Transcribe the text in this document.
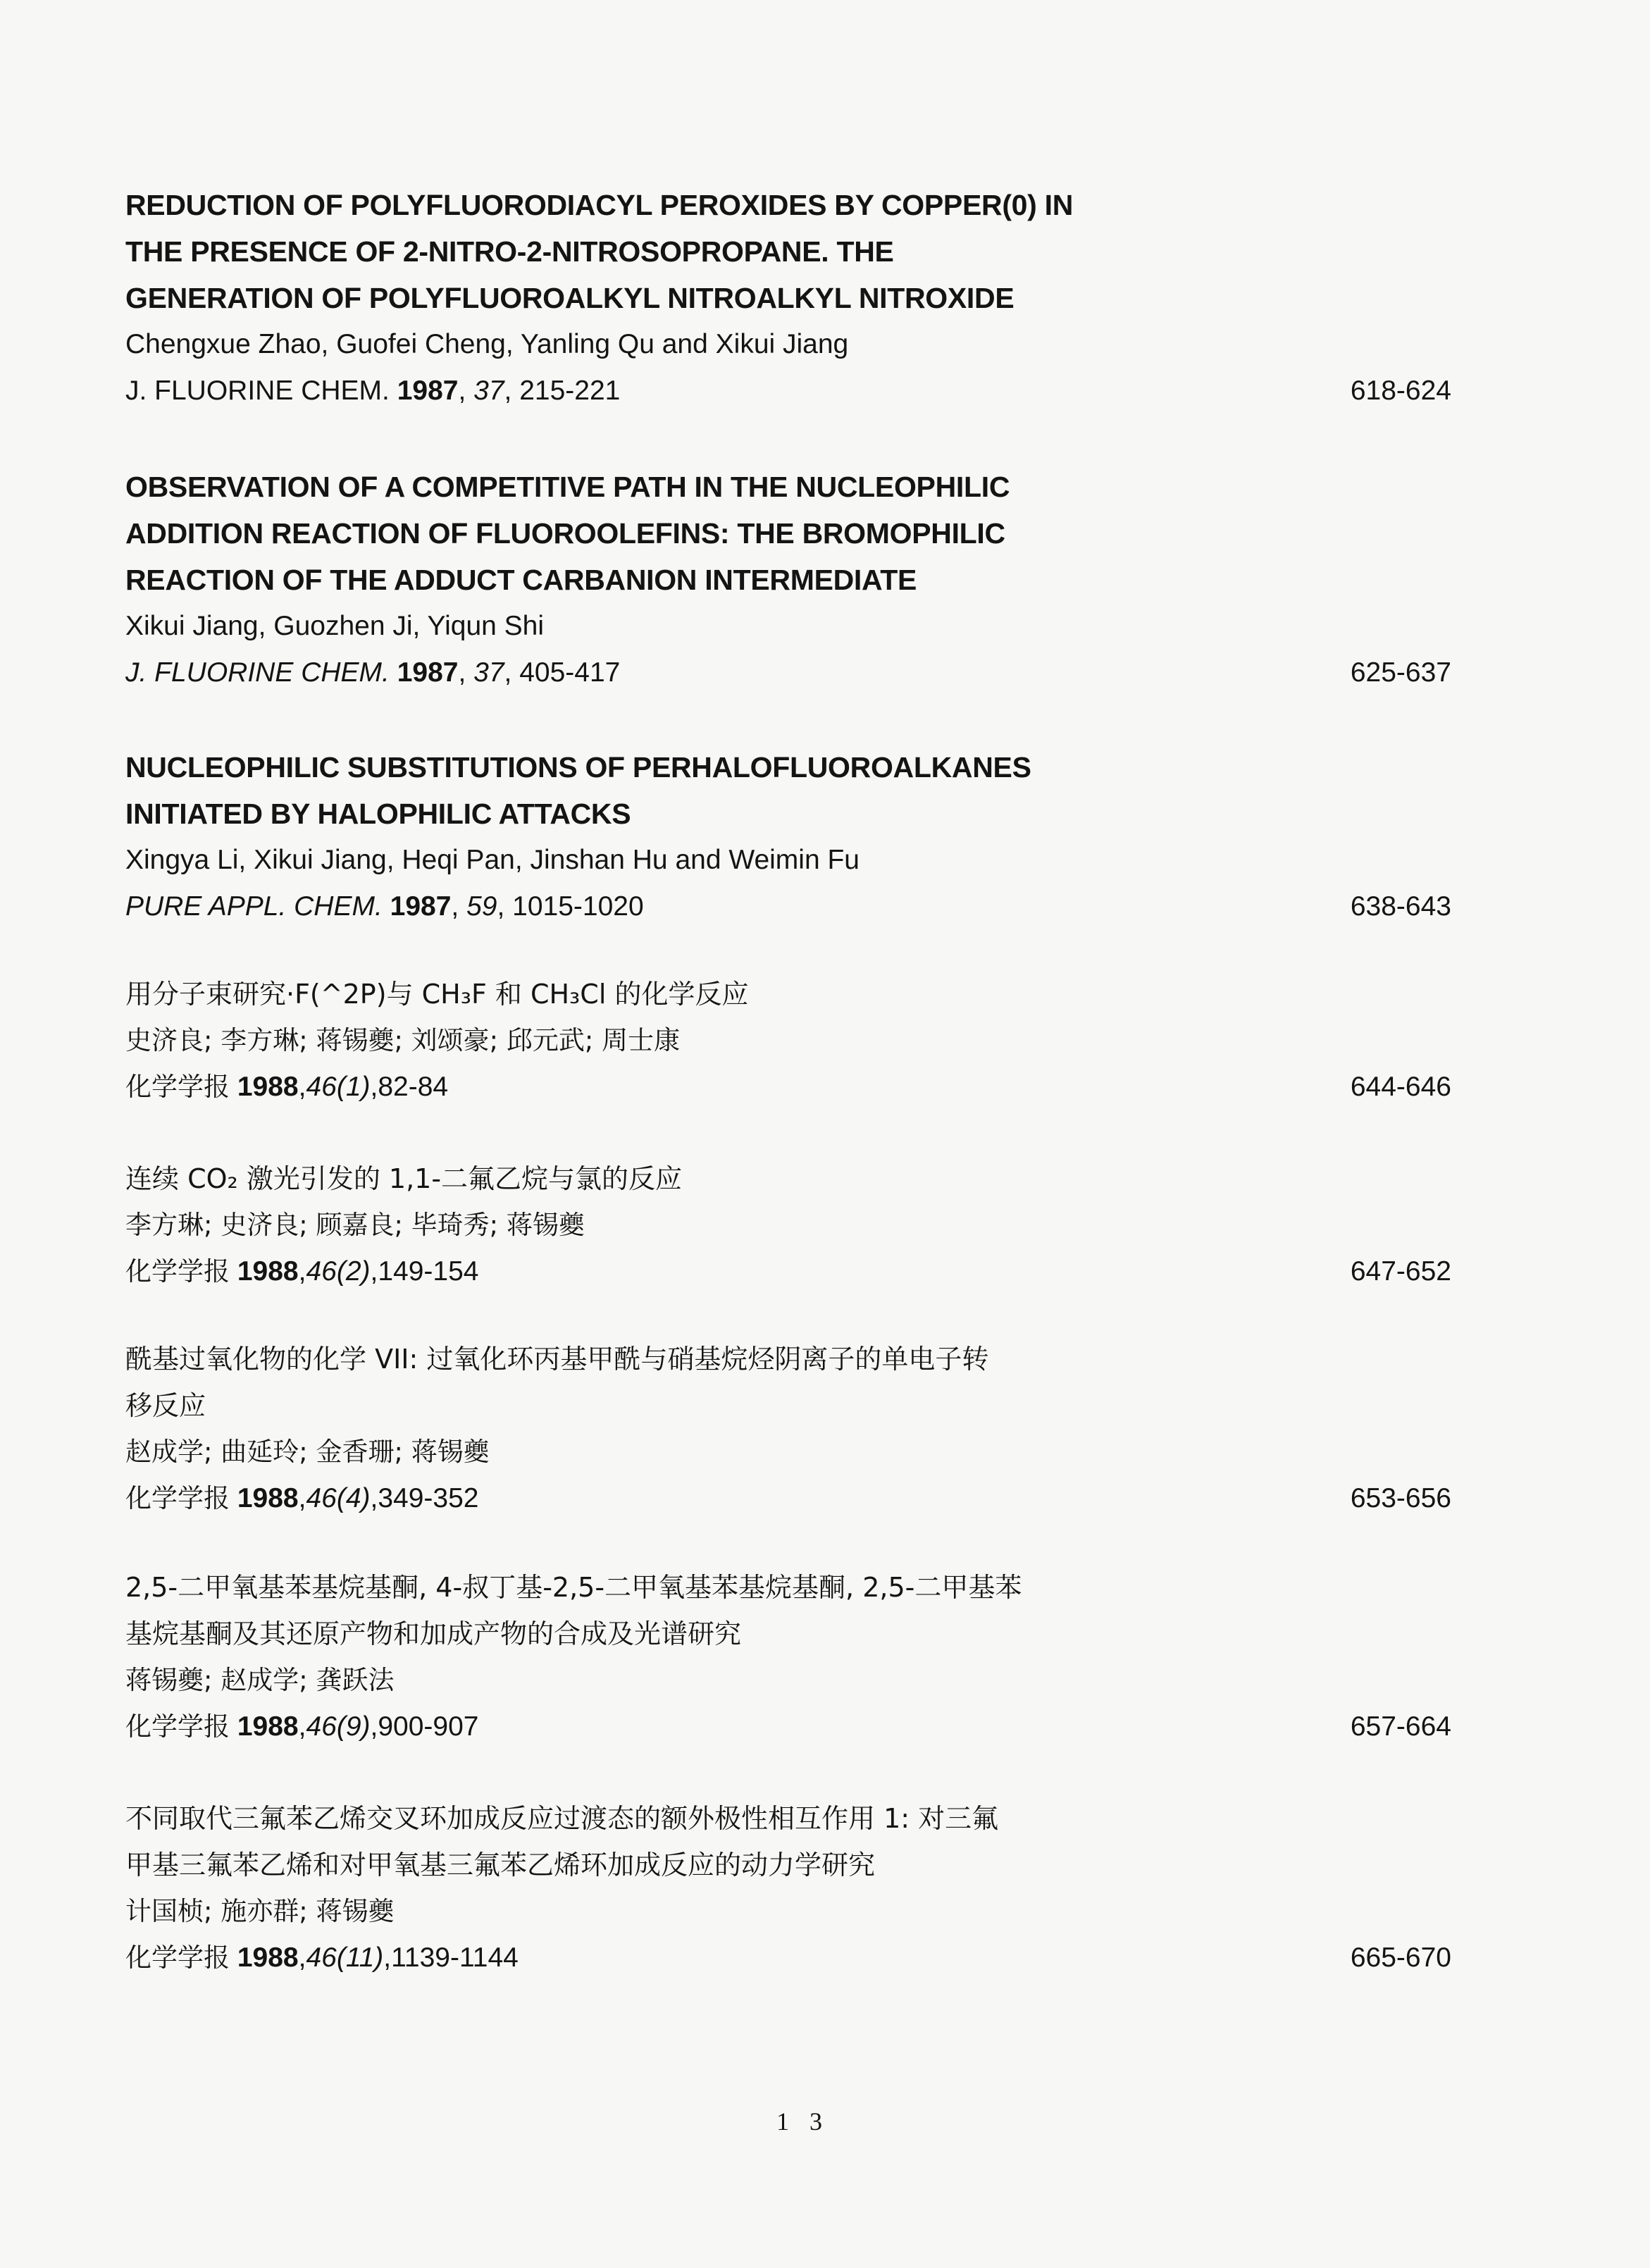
REDUCTION OF POLYFLUORODIACYL PEROXIDES BY COPPER(0) IN
THE PRESENCE OF 2-NITRO-2-NITROSOPROPANE. THE
GENERATION OF POLYFLUOROALKYL NITROALKYL NITROXIDE
Chengxue Zhao, Guofei Cheng, Yanling Qu and Xikui Jiang
J. FLUORINE CHEM. 1987, 37, 215-221	618-624
OBSERVATION OF A COMPETITIVE PATH IN THE NUCLEOPHILIC
ADDITION REACTION OF FLUOROOLEFINS: THE BROMOPHILIC
REACTION OF THE ADDUCT CARBANION INTERMEDIATE
Xikui Jiang, Guozhen Ji, Yiqun Shi
J. FLUORINE CHEM. 1987, 37, 405-417	625-637
NUCLEOPHILIC SUBSTITUTIONS OF PERHALOFLUOROALKANES
INITIATED BY HALOPHILIC ATTACKS
Xingya Li, Xikui Jiang, Heqi Pan, Jinshan Hu and Weimin Fu
PURE APPL. CHEM. 1987, 59, 1015-1020	638-643
用分子束研究·F(^2P)与 CH₃F 和 CH₃Cl 的化学反应
史济良; 李方琳; 蒋锡夔; 刘颂豪; 邱元武; 周士康
化学学报 1988,46(1),82-84	644-646
连续 CO₂ 激光引发的 1,1-二氟乙烷与氯的反应
李方琳; 史济良; 顾嘉良; 毕琦秀; 蒋锡夔
化学学报 1988,46(2),149-154	647-652
酰基过氧化物的化学 VII: 过氧化环丙基甲酰与硝基烷烃阴离子的单电子转
移反应
赵成学; 曲延玲; 金香珊; 蒋锡夔
化学学报 1988,46(4),349-352	653-656
2,5-二甲氧基苯基烷基酮, 4-叔丁基-2,5-二甲氧基苯基烷基酮, 2,5-二甲基苯
基烷基酮及其还原产物和加成产物的合成及光谱研究
蒋锡夔; 赵成学; 龚跃法
化学学报 1988,46(9),900-907	657-664
不同取代三氟苯乙烯交叉环加成反应过渡态的额外极性相互作用 1: 对三氟
甲基三氟苯乙烯和对甲氧基三氟苯乙烯环加成反应的动力学研究
计国桢; 施亦群; 蒋锡夔
化学学报 1988,46(11),1139-1144	665-670
1 3
